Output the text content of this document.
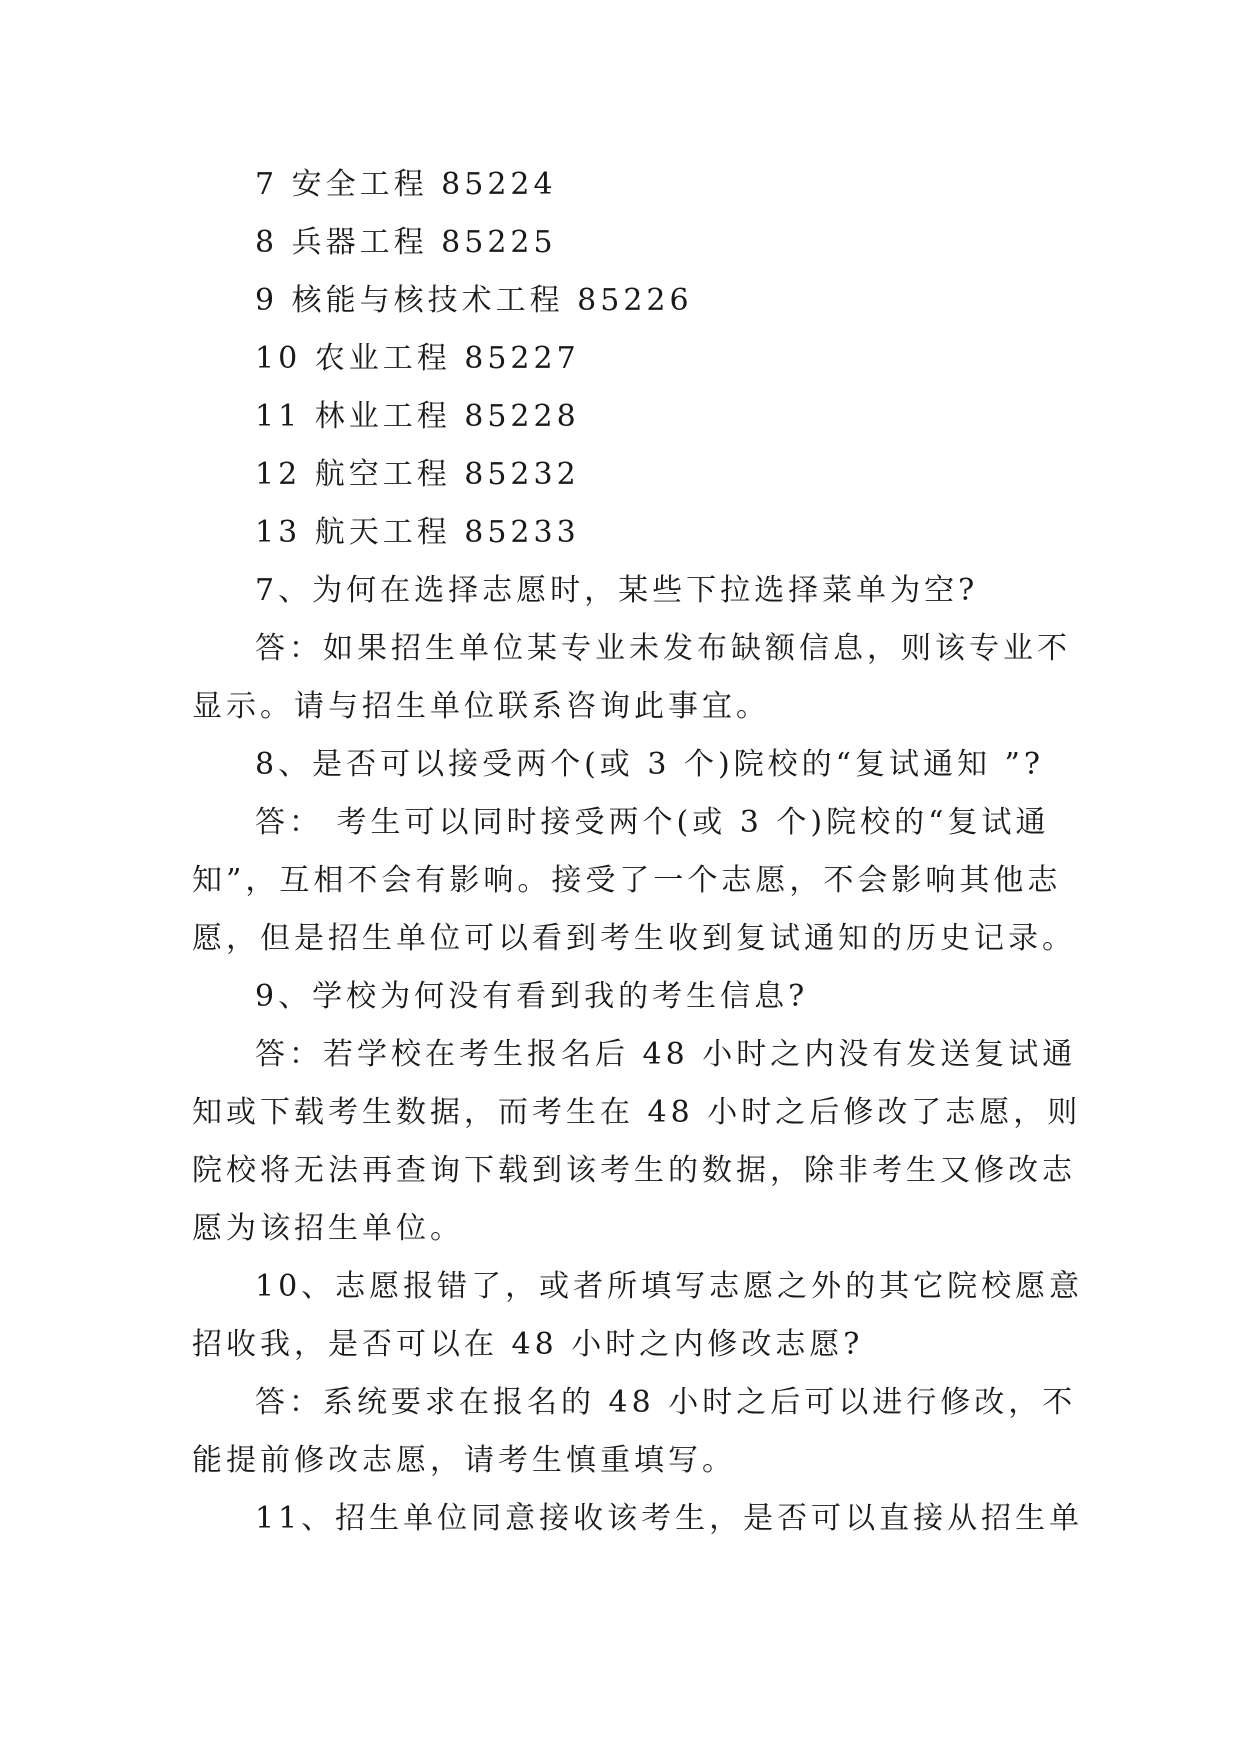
7 安全工程 85224
8 兵器工程 85225
9 核能与核技术工程 85226
10 农业工程 85227
11 林业工程 85228
12 航空工程 85232
13 航天工程 85233
7、为何在选择志愿时，某些下拉选择菜单为空?
答：如果招生单位某专业未发布缺额信息，则该专业不
显示。请与招生单位联系咨询此事宜。
8、是否可以接受两个(或 3 个)院校的“复试通知 ”?
答： 考生可以同时接受两个(或 3 个)院校的“复试通
知”，互相不会有影响。接受了一个志愿，不会影响其他志
愿，但是招生单位可以看到考生收到复试通知的历史记录。
9、学校为何没有看到我的考生信息?
答：若学校在考生报名后 48 小时之内没有发送复试通
知或下载考生数据，而考生在 48 小时之后修改了志愿，则
院校将无法再查询下载到该考生的数据，除非考生又修改志
愿为该招生单位。
10、志愿报错了，或者所填写志愿之外的其它院校愿意
招收我，是否可以在 48 小时之内修改志愿?
答：系统要求在报名的 48 小时之后可以进行修改，不
能提前修改志愿，请考生慎重填写。
11、招生单位同意接收该考生，是否可以直接从招生单
